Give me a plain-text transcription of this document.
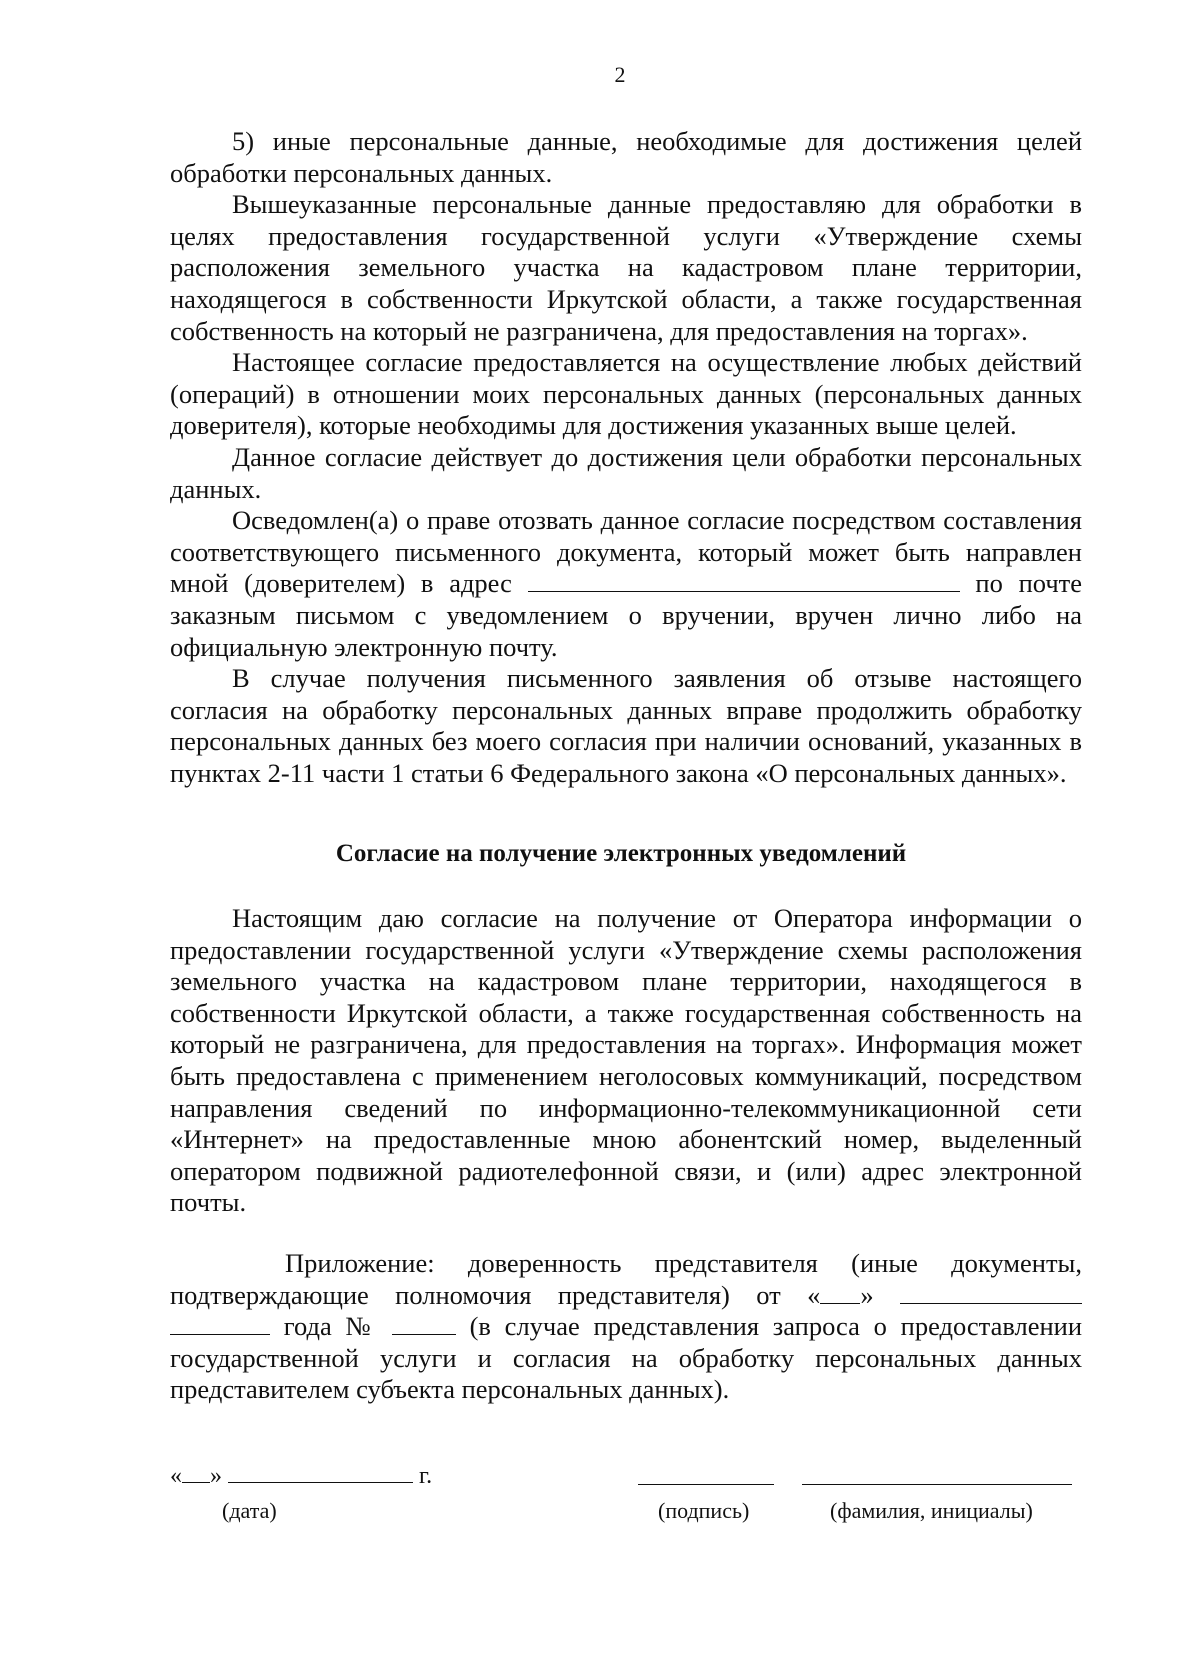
2

5) иные персональные данные, необходимые для достижения целей обработки персональных данных.

Вышеуказанные персональные данные предоставляю для обработки в целях предоставления государственной услуги «Утверждение схемы расположения земельного участка на кадастровом плане территории, находящегося в собственности Иркутской области, а также государственная собственность на который не разграничена, для предоставления на торгах».

Настоящее согласие предоставляется на осуществление любых действий (операций) в отношении моих персональных данных (персональных данных доверителя), которые необходимы для достижения указанных выше целей.

Данное согласие действует до достижения цели обработки персональных данных.

Осведомлен(а) о праве отозвать данное согласие посредством составления соответствующего письменного документа, который может быть направлен мной (доверителем) в адрес	по почте заказным письмом с уведомлением о вручении, вручен лично либо на официальную электронную почту.

В случае получения письменного заявления об отзыве настоящего согласия на обработку персональных данных вправе продолжить обработку персональных данных без моего согласия при наличии оснований, указанных в пунктах 2-11 части 1 статьи 6 Федерального закона «О персональных данных».

Согласие на получение электронных уведомлений

Настоящим даю согласие на получение от Оператора информации о предоставлении государственной услуги «Утверждение схемы расположения земельного участка на кадастровом плане территории, находящегося в собственности Иркутской области, а также государственная собственность на который не разграничена, для предоставления на торгах». Информация может быть предоставлена с применением неголосовых коммуникаций, посредством направления сведений по информационно-телекоммуникационной сети «Интернет» на предоставленные мною абонентский номер, выделенный оператором подвижной радиотелефонной связи, и (или) адрес электронной почты.

Приложение: доверенность представителя (иные документы, подтверждающие полномочия представителя) от « »   года №	(в случае представления запроса о предоставлении государственной услуги и согласия на обработку персональных данных представителем субъекта персональных данных).

« »	г.
(дата)	(подпись)	(фамилия, инициалы)
